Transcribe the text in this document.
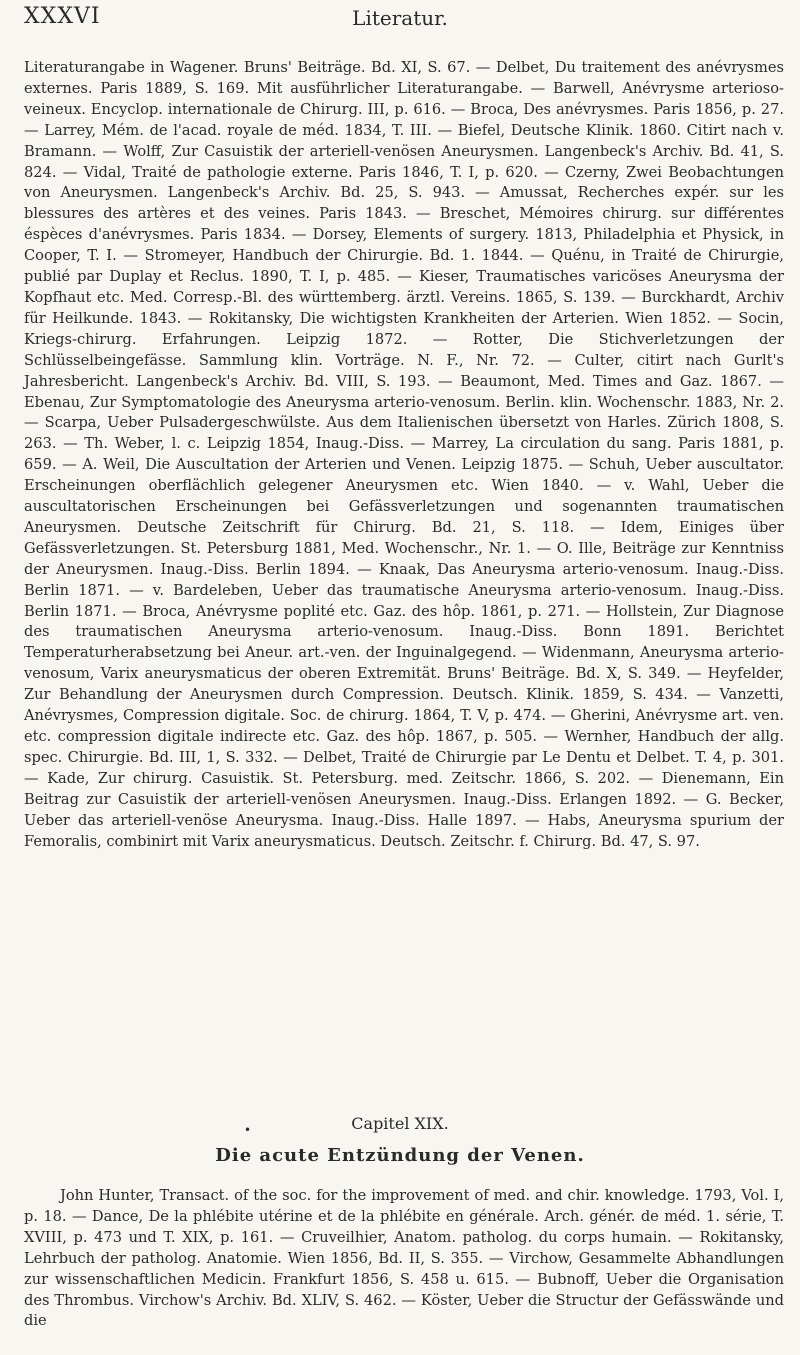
XXXVI	Literatur.

Literaturangabe in Wagener. Bruns' Beiträge. Bd. XI, S. 67. — Delbet, Du traitement des anévrysmes externes. Paris 1889, S. 169. Mit ausführlicher Literaturangabe. — Barwell, Anévrysme arterioso-veineux. Encyclop. internationale de Chirurg. III, p. 616. — Broca, Des anévrysmes. Paris 1856, p. 27. — Larrey, Mém. de l'acad. royale de méd. 1834, T. III. — Biefel, Deutsche Klinik. 1860. Citirt nach v. Bramann. — Wolff, Zur Casuistik der arteriell-venösen Aneurysmen. Langenbeck's Archiv. Bd. 41, S. 824. — Vidal, Traité de pathologie externe. Paris 1846, T. I, p. 620. — Czerny, Zwei Beobachtungen von Aneurysmen. Langenbeck's Archiv. Bd. 25, S. 943. — Amussat, Recherches expér. sur les blessures des artères et des veines. Paris 1843. — Breschet, Mémoires chirurg. sur différentes éspèces d'anévrysmes. Paris 1834. — Dorsey, Elements of surgery. 1813, Philadelphia et Physick, in Cooper, T. I. — Stromeyer, Handbuch der Chirurgie. Bd. 1. 1844. — Quénu, in Traité de Chirurgie, publié par Duplay et Reclus. 1890, T. I, p. 485. — Kieser, Traumatisches varicöses Aneurysma der Kopfhaut etc. Med. Corresp.-Bl. des württemberg. ärztl. Vereins. 1865, S. 139. — Burckhardt, Archiv für Heilkunde. 1843. — Rokitansky, Die wichtigsten Krankheiten der Arterien. Wien 1852. — Socin, Kriegs-chirurg. Erfahrungen. Leipzig 1872. — Rotter, Die Stichverletzungen der Schlüsselbeingefässe. Sammlung klin. Vorträge. N. F., Nr. 72. — Culter, citirt nach Gurlt's Jahresbericht. Langenbeck's Archiv. Bd. VIII, S. 193. — Beaumont, Med. Times and Gaz. 1867. — Ebenau, Zur Symptomatologie des Aneurysma arterio-venosum. Berlin. klin. Wochenschr. 1883, Nr. 2. — Scarpa, Ueber Pulsadergeschwülste. Aus dem Italienischen übersetzt von Harles. Zürich 1808, S. 263. — Th. Weber, l. c. Leipzig 1854, Inaug.-Diss. — Marrey, La circulation du sang. Paris 1881, p. 659. — A. Weil, Die Auscultation der Arterien und Venen. Leipzig 1875. — Schuh, Ueber auscultator. Erscheinungen oberflächlich gelegener Aneurysmen etc. Wien 1840. — v. Wahl, Ueber die auscultatorischen Erscheinungen bei Gefässverletzungen und sogenannten traumatischen Aneurysmen. Deutsche Zeitschrift für Chirurg. Bd. 21, S. 118. — Idem, Einiges über Gefässverletzungen. St. Petersburg 1881, Med. Wochenschr., Nr. 1. — O. Ille, Beiträge zur Kenntniss der Aneurysmen. Inaug.-Diss. Berlin 1894. — Knaak, Das Aneurysma arterio-venosum. Inaug.-Diss. Berlin 1871. — v. Bardeleben, Ueber das traumatische Aneurysma arterio-venosum. Inaug.-Diss. Berlin 1871. — Broca, Anévrysme poplité etc. Gaz. des hôp. 1861, p. 271. — Hollstein, Zur Diagnose des traumatischen Aneurysma arterio-venosum. Inaug.-Diss. Bonn 1891. Berichtet Temperaturherabsetzung bei Aneur. art.-ven. der Inguinalgegend. — Widenmann, Aneurysma arterio-venosum, Varix aneurysmaticus der oberen Extremität. Bruns' Beiträge. Bd. X, S. 349. — Heyfelder, Zur Behandlung der Aneurysmen durch Compression. Deutsch. Klinik. 1859, S. 434. — Vanzetti, Anévrysmes, Compression digitale. Soc. de chirurg. 1864, T. V, p. 474. — Gherini, Anévrysme art. ven. etc. compression digitale indirecte etc. Gaz. des hôp. 1867, p. 505. — Wernher, Handbuch der allg. spec. Chirurgie. Bd. III, 1, S. 332. — Delbet, Traité de Chirurgie par Le Dentu et Delbet. T. 4, p. 301. — Kade, Zur chirurg. Casuistik. St. Petersburg. med. Zeitschr. 1866, S. 202. — Dienemann, Ein Beitrag zur Casuistik der arteriell-venösen Aneurysmen. Inaug.-Diss. Erlangen 1892. — G. Becker, Ueber das arteriell-venöse Aneurysma. Inaug.-Diss. Halle 1897. — Habs, Aneurysma spurium der Femoralis, combinirt mit Varix aneurysmaticus. Deutsch. Zeitschr. f. Chirurg. Bd. 47, S. 97.

•	Capitel XIX.
Die acute Entzündung der Venen.

John Hunter, Transact. of the soc. for the improvement of med. and chir. knowledge. 1793, Vol. I, p. 18. — Dance, De la phlébite utérine et de la phlébite en générale. Arch. génér. de méd. 1. série, T. XVIII, p. 473 und T. XIX, p. 161. — Cruveilhier, Anatom. patholog. du corps humain. — Rokitansky, Lehrbuch der patholog. Anatomie. Wien 1856, Bd. II, S. 355. — Virchow, Gesammelte Abhandlungen zur wissenschaftlichen Medicin. Frankfurt 1856, S. 458 u. 615. — Bubnoff, Ueber die Organisation des Thrombus. Virchow's Archiv. Bd. XLIV, S. 462. — Köster, Ueber die Structur der Gefässwände und die
